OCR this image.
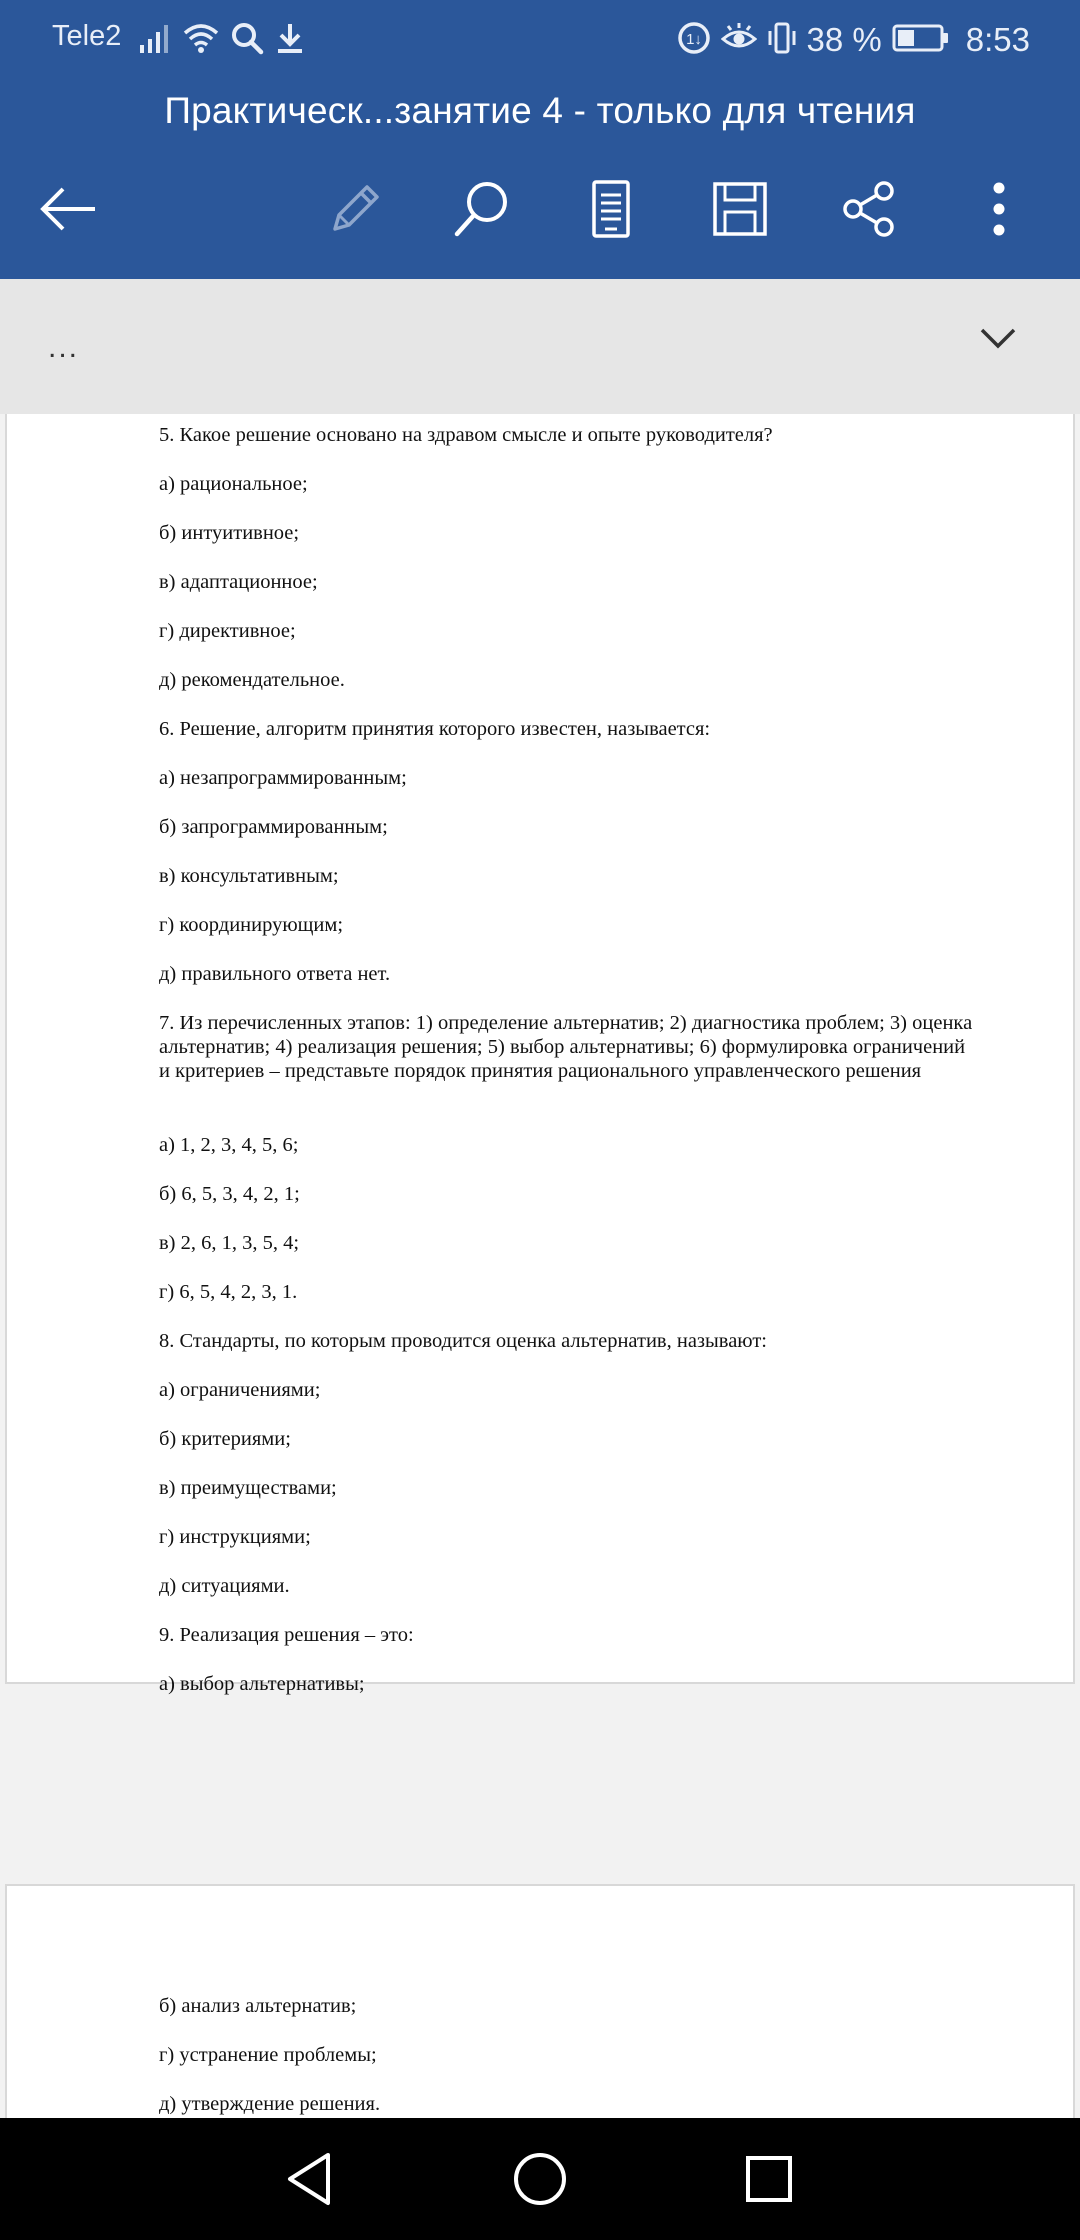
Tele2	1↓	38 %	8:53
Практическ...занятие 4 - только для чтения
...
5. Какое решение основано на здравом смысле и опыте руководителя?
а) рациональное;
б) интуитивное;
в) адаптационное;
г) директивное;
д) рекомендательное.
6. Решение, алгоритм принятия которого известен, называется:
а) незапрограммированным;
б) запрограммированным;
в) консультативным;
г) координирующим;
д) правильного ответа нет.
7. Из перечисленных этапов: 1) определение альтернатив; 2) диагностика проблем; 3) оценка альтернатив; 4) реализация решения; 5) выбор альтернативы; 6) формулировка ограничений и критериев – представьте порядок принятия рационального управленческого решения
а) 1, 2, 3, 4, 5, 6;
б) 6, 5, 3, 4, 2, 1;
в) 2, 6, 1, 3, 5, 4;
г) 6, 5, 4, 2, 3, 1.
8. Стандарты, по которым проводится оценка альтернатив, называют:
а) ограничениями;
б) критериями;
в) преимуществами;
г) инструкциями;
д) ситуациями.
9. Реализация решения – это:
а) выбор альтернативы;
б) анализ альтернатив;
г) устранение проблемы;
д) утверждение решения.
